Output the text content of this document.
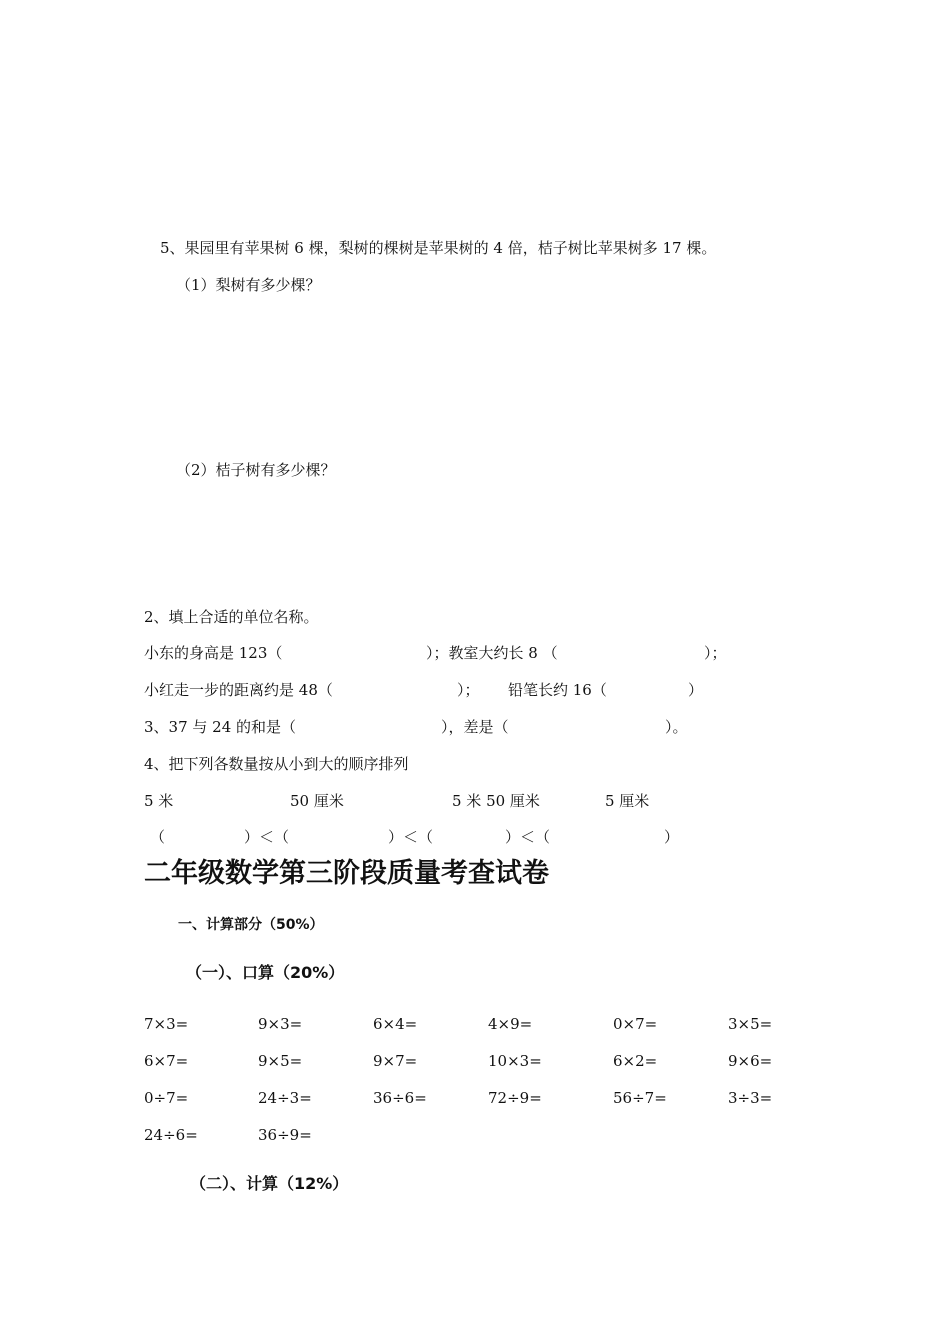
5、果园里有苹果树 6 棵，梨树的棵树是苹果树的 4 倍，桔子树比苹果树多 17 棵。
（1）梨树有多少棵？
（2）桔子树有多少棵？
2、填上合适的单位名称。
小东的身高是 123（	）；教室大约长 8 （	）；
小红走一步的距离约是 48（	）； 铅笔长约 16（	）
3、37 与 24 的和是（	），差是（	）。
4、把下列各数量按从小到大的顺序排列
5 米	50 厘米	5 米 50 厘米	5 厘米
（	）＜（	）＜（	）＜（	）
二年级数学第三阶段质量考查试卷
一、计算部分（50%）
（一）、口算（20%）
7×3=	9×3=	6×4=	4×9=	0×7=	3×5=
6×7=	9×5=	9×7=	10×3=	6×2=	9×6=
0÷7=	24÷3=	36÷6=	72÷9=	56÷7=	3÷3=
24÷6=	36÷9=
（二）、计算（12%）
